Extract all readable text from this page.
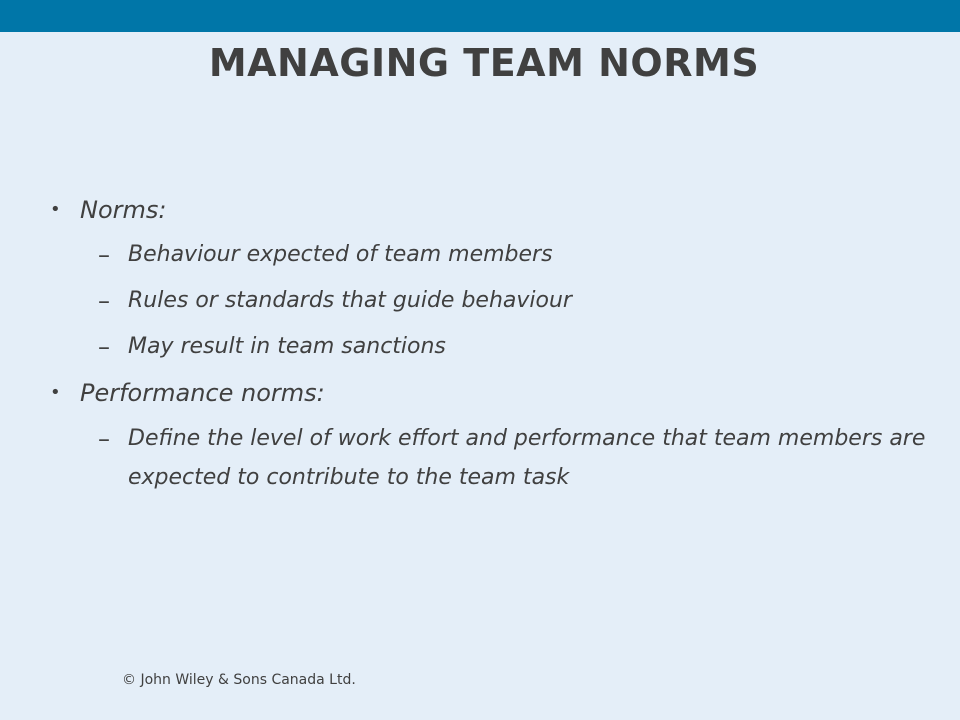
MANAGING TEAM NORMS
• Norms:
– Behaviour expected of team members
– Rules or standards that guide behaviour
– May result in team sanctions
• Performance norms:
– Define the level of work effort and performance that team members are expected to contribute to the team task
© John Wiley & Sons Canada Ltd.
